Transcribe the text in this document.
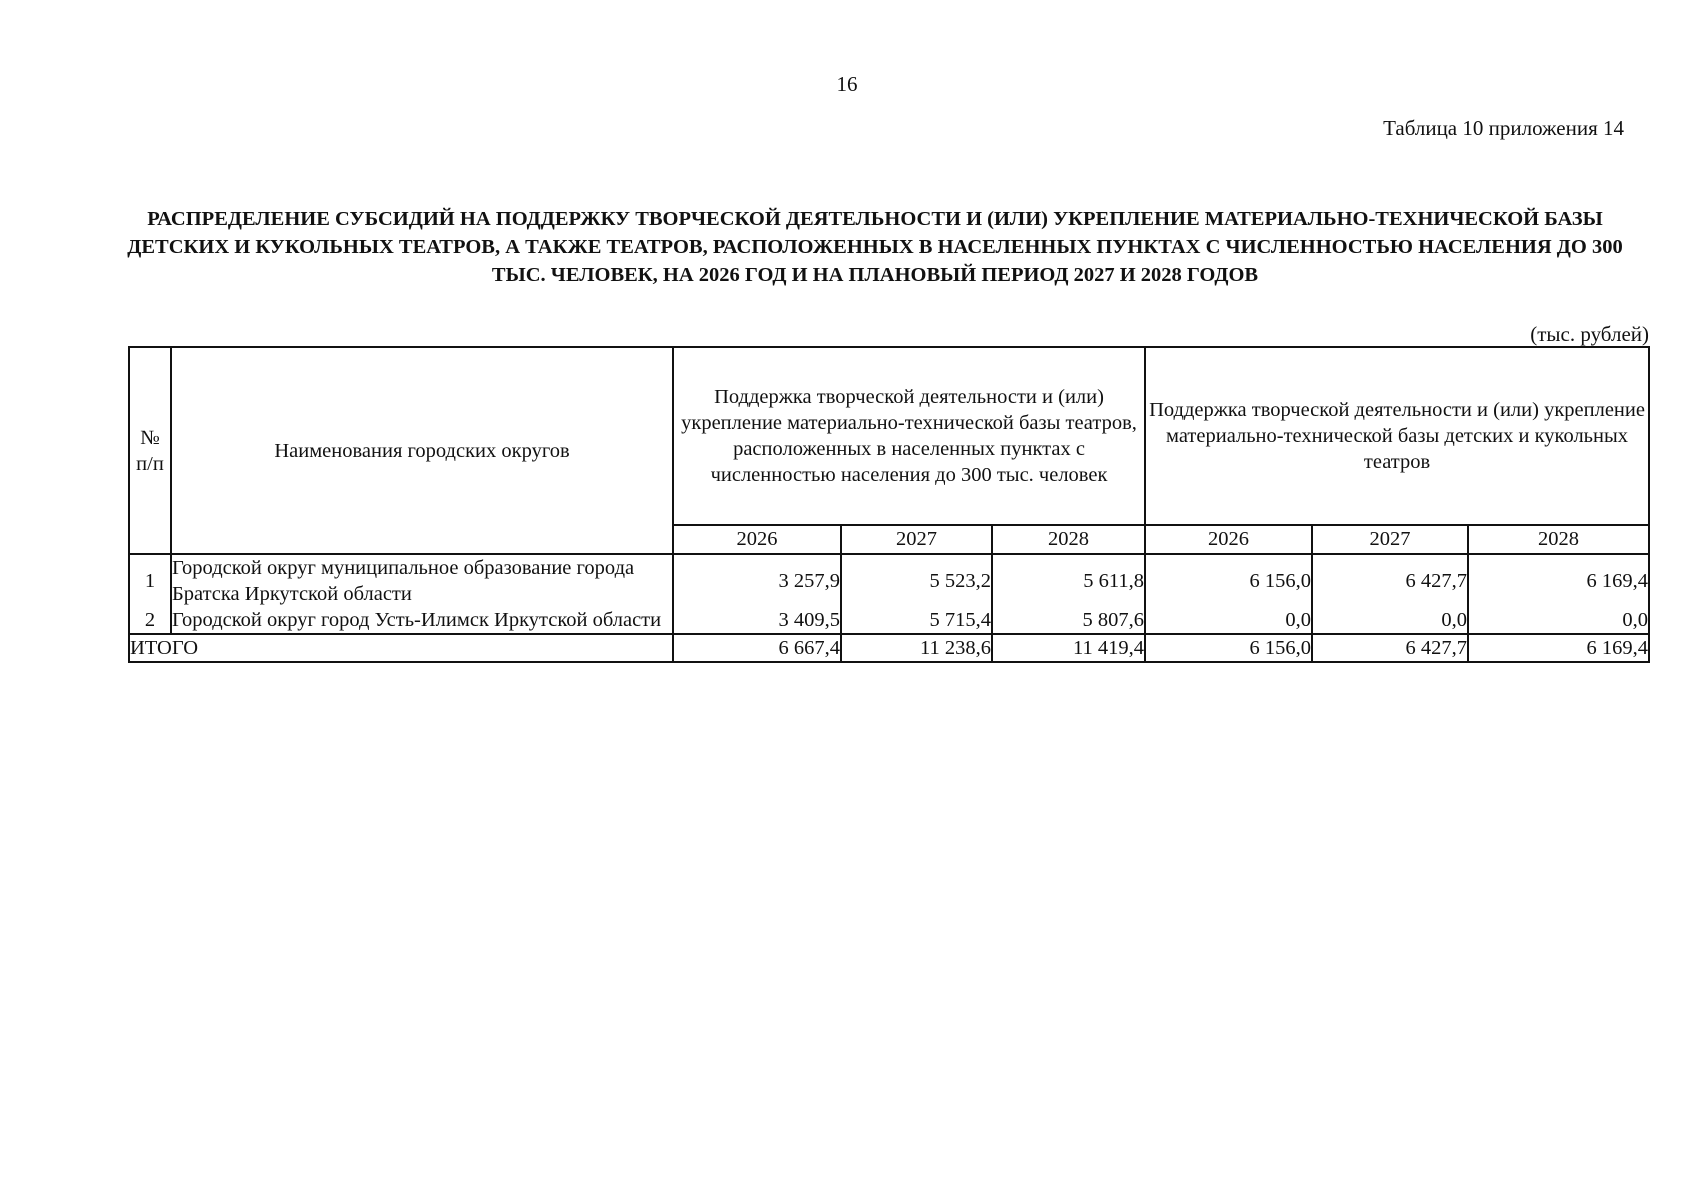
16
Таблица 10 приложения 14
РАСПРЕДЕЛЕНИЕ СУБСИДИЙ НА ПОДДЕРЖКУ ТВОРЧЕСКОЙ ДЕЯТЕЛЬНОСТИ И (ИЛИ) УКРЕПЛЕНИЕ МАТЕРИАЛЬНО-ТЕХНИЧЕСКОЙ БАЗЫ ДЕТСКИХ И КУКОЛЬНЫХ ТЕАТРОВ, А ТАКЖЕ ТЕАТРОВ, РАСПОЛОЖЕННЫХ В НАСЕЛЕННЫХ ПУНКТАХ С ЧИСЛЕННОСТЬЮ НАСЕЛЕНИЯ ДО 300 ТЫС. ЧЕЛОВЕК, НА 2026 ГОД И НА ПЛАНОВЫЙ ПЕРИОД 2027 И 2028 ГОДОВ
(тыс. рублей)
№ п/п	Наименования городских округов	Поддержка творческой деятельности и (или) укрепление материально-технической базы театров, расположенных в населенных пунктах с численностью населения до 300 тыс. человек			Поддержка творческой деятельности и (или) укрепление материально-технической базы детских и кукольных театров		
		2026	2027	2028	2026	2027	2028
1	Городской округ муниципальное образование города Братска Иркутской области	3 257,9	5 523,2	5 611,8	6 156,0	6 427,7	6 169,4
2	Городской округ город Усть-Илимск Иркутской области	3 409,5	5 715,4	5 807,6	0,0	0,0	0,0
ИТОГО		6 667,4	11 238,6	11 419,4	6 156,0	6 427,7	6 169,4
